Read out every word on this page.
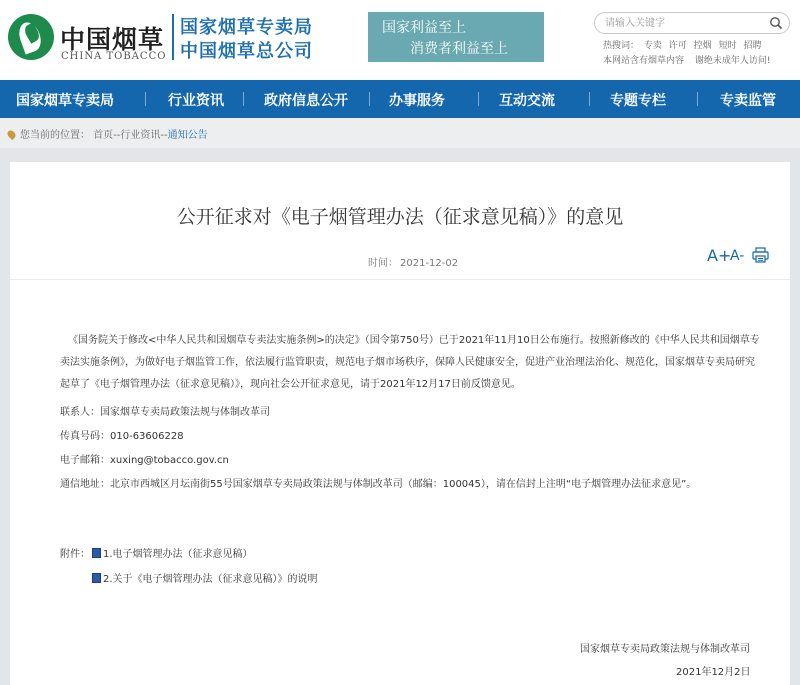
中国烟草
CHINA TOBACCO
国家烟草专卖局
中国烟草总公司
国家利益至上
消费者利益至上
请输入关键字	热搜词： 专卖 许可 控烟 短时 招聘
本网站含有烟草内容 谢绝未成年人访问!
国家烟草专卖局	行业资讯	政府信息公开	办事服务	互动交流	专题专栏	专卖监管
您当前的位置： 首页--行业资讯--通知公告
公开征求对《电子烟管理办法（征求意见稿）》的意见
时间： 2021-12-02	A+
A-

《国务院关于修改<中华人民共和国烟草专卖法实施条例>的决定》（国令第750号）已于2021年11月10日公布施行。按照新修改的《中华人民共和国烟草专卖法实施条例》，为做好电子烟监管工作，依法履行监管职责，规范电子烟市场秩序，保障人民健康安全，促进产业治理法治化、规范化，国家烟草专卖局研究起草了《电子烟管理办法（征求意见稿）》，现向社会公开征求意见，请于2021年12月17日前反馈意见。

联系人：国家烟草专卖局政策法规与体制改革司
传真号码：010-63606228
电子邮箱：xuxing@tobacco.gov.cn
通信地址：北京市西城区月坛南街55号国家烟草专卖局政策法规与体制改革司（邮编：100045），请在信封上注明“电子烟管理办法征求意见”。
附件：	1.电子烟管理办法（征求意见稿）
2.关于《电子烟管理办法（征求意见稿）》的说明
国家烟草专卖局政策法规与体制改革司
2021年12月2日
